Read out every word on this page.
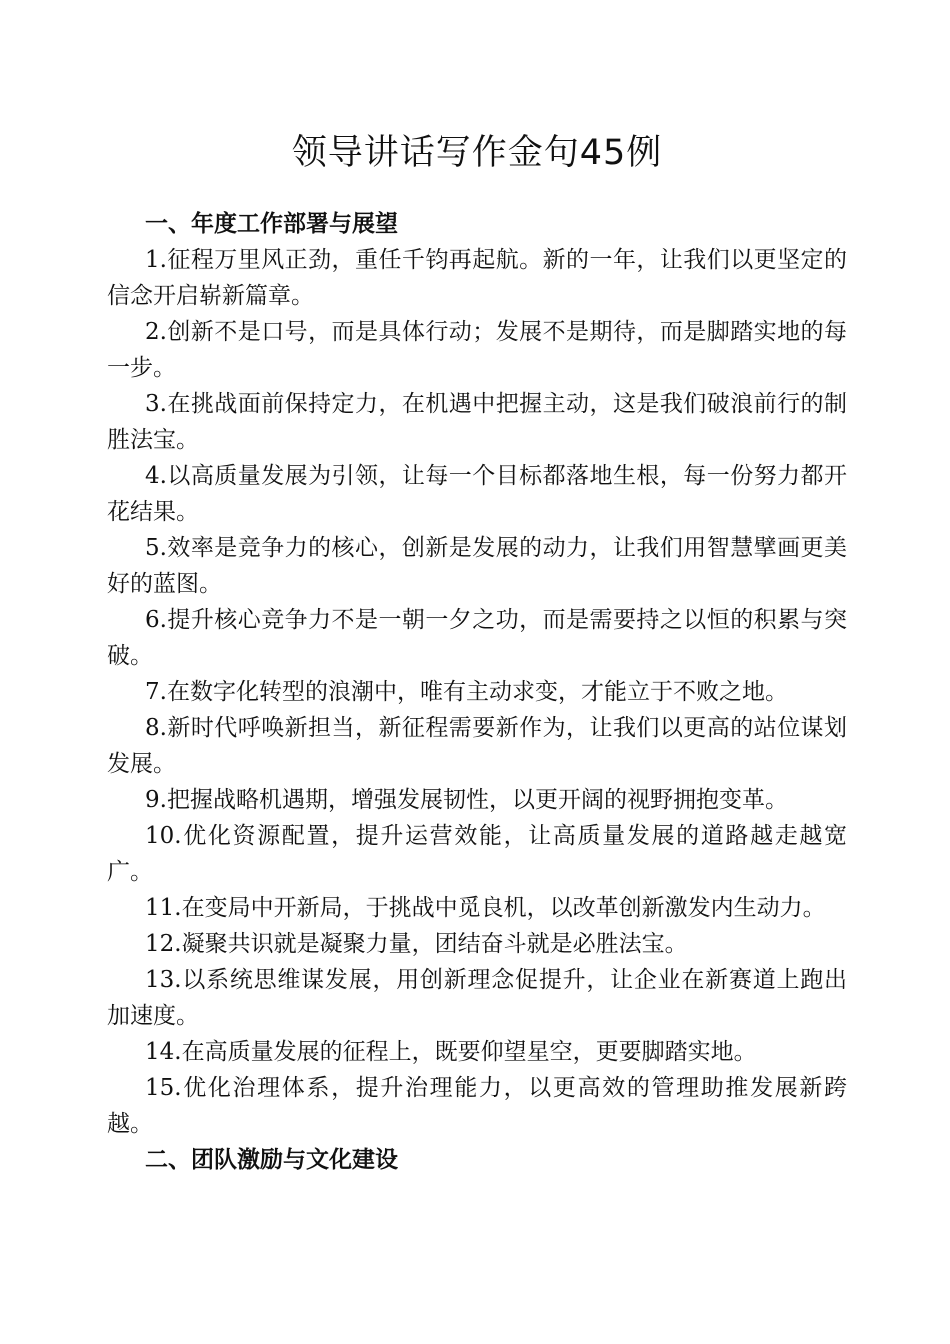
领导讲话写作金句45例
一、年度工作部署与展望

1.征程万里风正劲，重任千钧再起航。新的一年，让我们以更坚定的信念开启崭新篇章。

2.创新不是口号，而是具体行动；发展不是期待，而是脚踏实地的每一步。

3.在挑战面前保持定力，在机遇中把握主动，这是我们破浪前行的制胜法宝。

4.以高质量发展为引领，让每一个目标都落地生根，每一份努力都开花结果。

5.效率是竞争力的核心，创新是发展的动力，让我们用智慧擘画更美好的蓝图。

6.提升核心竞争力不是一朝一夕之功，而是需要持之以恒的积累与突破。

7.在数字化转型的浪潮中，唯有主动求变，才能立于不败之地。

8.新时代呼唤新担当，新征程需要新作为，让我们以更高的站位谋划发展。

9.把握战略机遇期，增强发展韧性，以更开阔的视野拥抱变革。

10.优化资源配置，提升运营效能，让高质量发展的道路越走越宽广。

11.在变局中开新局，于挑战中觅良机，以改革创新激发内生动力。

12.凝聚共识就是凝聚力量，团结奋斗就是必胜法宝。

13.以系统思维谋发展，用创新理念促提升，让企业在新赛道上跑出加速度。

14.在高质量发展的征程上，既要仰望星空，更要脚踏实地。

15.优化治理体系，提升治理能力，以更高效的管理助推发展新跨越。

二、团队激励与文化建设
